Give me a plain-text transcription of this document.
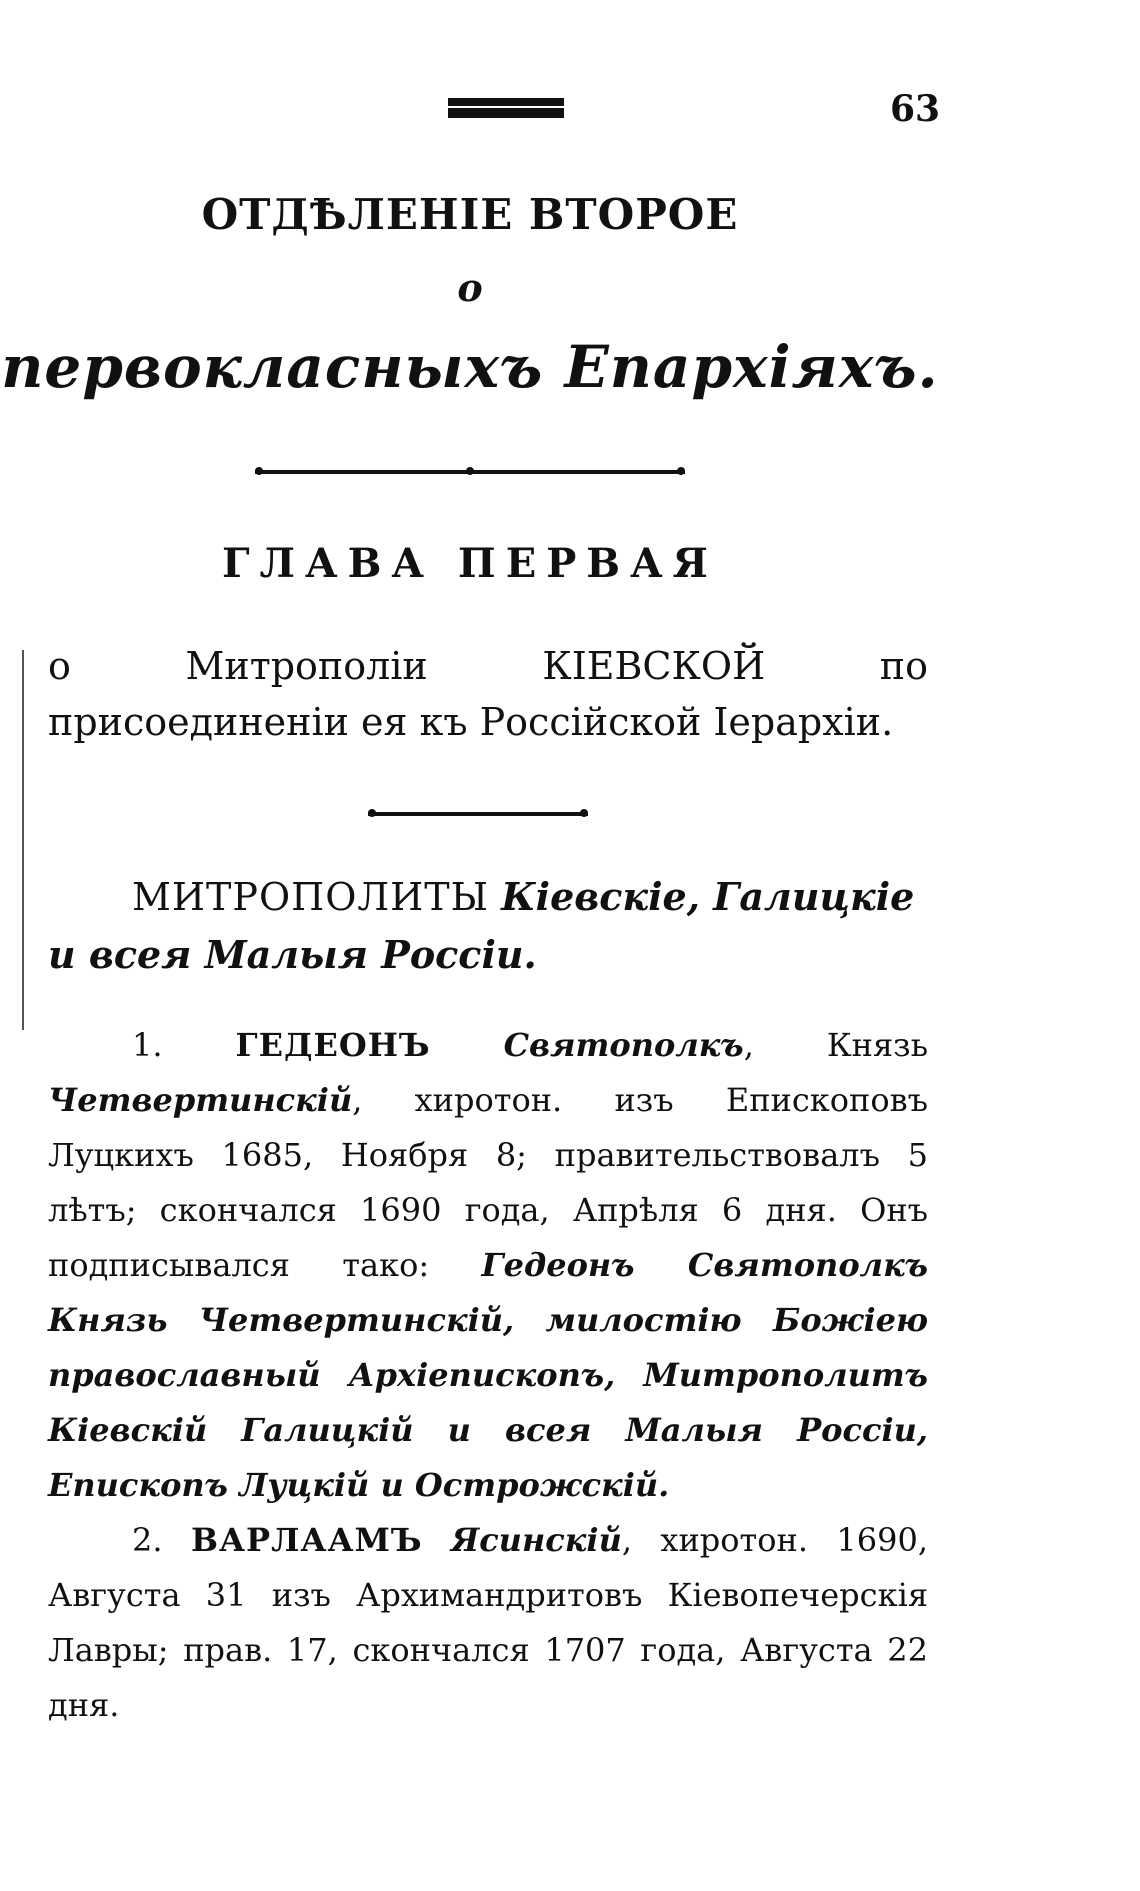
63
ОТДѢЛЕНІЕ ВТОРОЕ
о
первокласныхъ Епархіяхъ.
ГЛАВА ПЕРВАЯ
о Митрополіи КІЕВСКОЙ по присоединеніи ея къ Россійской Іерархіи.
МИТРОПОЛИТЫ Кіевскіе, Галицкіе и всея Малыя Россіи.

1. ГЕДЕОНЪ Святополкъ, Князь Четвертинскій, хиротон. изъ Епископовъ Луцкихъ 1685, Ноября 8; правительствовалъ 5 лѣтъ; скончался 1690 года, Апрѣля 6 дня. Онъ подписывался тако: Гедеонъ Святополкъ Князь Четвертинскій, милостію Божіею православный Архіепископъ, Митрополитъ Кіевскій Галицкій и всея Малыя Россіи, Епископъ Луцкій и Острожскій.

2. ВАРЛААМЪ Ясинскій, хиротон. 1690, Августа 31 изъ Архимандритовъ Кіевопечерскія Лавры; прав. 17, скончался 1707 года, Августа 22 дня.
